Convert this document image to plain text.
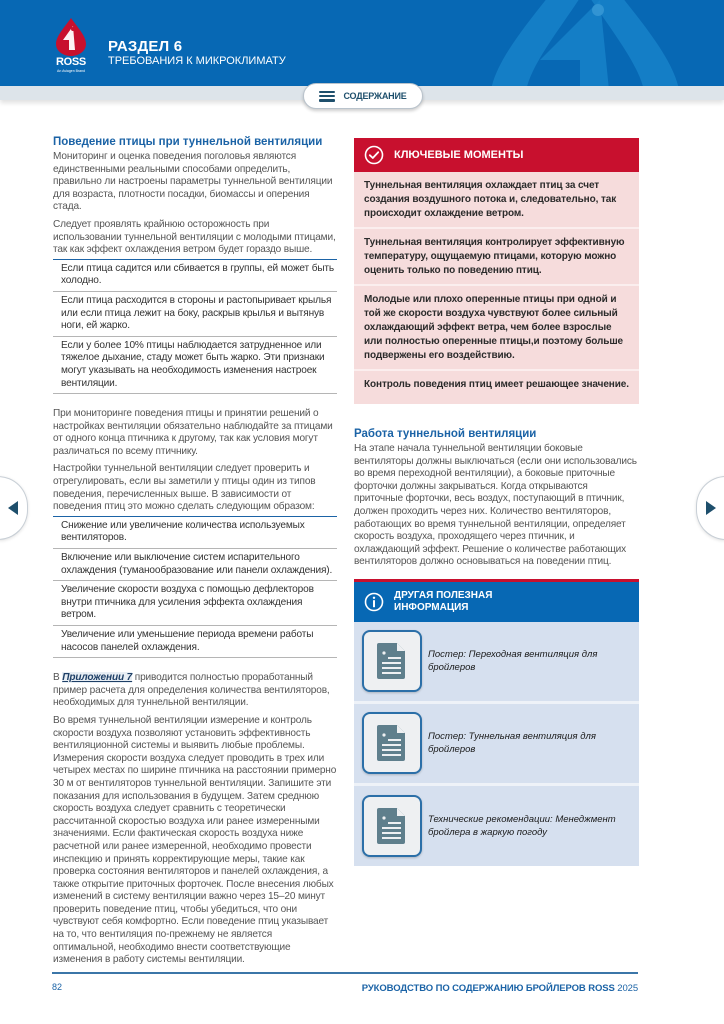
ROSS
An Aviagen Brand
РАЗДЕЛ 6
ТРЕБОВАНИЯ К МИКРОКЛИМАТУ
СОДЕРЖАНИЕ
Поведение птицы при туннельной вентиляции

Мониторинг и оценка поведения поголовья являются единственными реальными способами определить, правильно ли настроены параметры туннельной вентиляции для возраста, плотности посадки, биомассы и оперения стада.

Следует проявлять крайнюю осторожность при использовании туннельной вентиляции с молодыми птицами, так как эффект охлаждения ветром будет гораздо выше.

Если птица садится или сбивается в группы, ей может быть холодно.
Если птица расходится в стороны и растопыривает крылья или если птица лежит на боку, раскрыв крылья и вытянув ноги, ей жарко.
Если у более 10% птицы наблюдается затрудненное или тяжелое дыхание, стаду может быть жарко. Эти признаки могут указывать на необходимость изменения настроек вентиляции.

При мониторинге поведения птицы и принятии решений о настройках вентиляции обязательно наблюдайте за птицами от одного конца птичника к другому, так как условия могут различаться по всему птичнику.

Настройки туннельной вентиляции следует проверить и отрегулировать, если вы заметили у птицы один из типов поведения, перечисленных выше. В зависимости от поведения птиц это можно сделать следующим образом:

Снижение или увеличение количества используемых вентиляторов.
Включение или выключение систем испарительного охлаждения (туманообразование или панели охлаждения).
Увеличение скорости воздуха с помощью дефлекторов внутри птичника для усиления эффекта охлаждения ветром.
Увеличение или уменьшение периода времени работы насосов панелей охлаждения.

В Приложении 7 приводится полностью проработанный пример расчета для определения количества вентиляторов, необходимых для туннельной вентиляции.

Во время туннельной вентиляции измерение и контроль скорости воздуха позволяют установить эффективность вентиляционной системы и выявить любые проблемы. Измерения скорости воздуха следует проводить в трех или четырех местах по ширине птичника на расстоянии примерно 30 м от вентиляторов туннельной вентиляции. Запишите эти показания для использования в будущем. Затем среднюю скорость воздуха следует сравнить с теоретически рассчитанной скоростью воздуха или ранее измеренными значениями. Если фактическая скорость воздуха ниже расчетной или ранее измеренной, необходимо провести инспекцию и принять корректирующие меры, такие как проверка состояния вентиляторов и панелей охлаждения, а также открытие приточных форточек. После внесения любых изменений в систему вентиляции важно через 15–20 минут проверить поведение птиц, чтобы убедиться, что они чувствуют себя комфортно. Если поведение птиц указывает на то, что вентиляция по-прежнему не является оптимальной, необходимо внести соответствующие изменения в работу системы вентиляции.

КЛЮЧЕВЫЕ МОМЕНТЫ
Туннельная вентиляция охлаждает птиц за счет создания воздушного потока и, следовательно, так происходит охлаждение ветром.
Туннельная вентиляция контролирует эффективную температуру, ощущаемую птицами, которую можно оценить только по поведению птиц.
Молодые или плохо оперенные птицы при одной и той же скорости воздуха чувствуют более сильный охлаждающий эффект ветра, чем более взрослые или полностью оперенные птицы,и поэтому больше подвержены его воздействию.
Контроль поведения птиц имеет решающее значение.
Работа туннельной вентиляции

На этапе начала туннельной вентиляции боковые вентиляторы должны выключаться (если они использовались во время переходной вентиляции), а боковые приточные форточки должны закрываться. Когда открываются приточные форточки, весь воздух, поступающий в птичник, должен проходить через них. Количество вентиляторов, работающих во время туннельной вентиляции, определяет скорость воздуха, проходящего через птичник, и охлаждающий эффект. Решение о количестве работающих вентиляторов должно основываться на поведении птиц.

ДРУГАЯ ПОЛЕЗНАЯ
ИНФОРМАЦИЯ
Постер: Переходная вентиляция для бройлеров
Постер: Туннельная вентиляция для бройлеров
Технические рекомендации: Менеджмент бройлера в жаркую погоду
82	РУКОВОДСТВО ПО СОДЕРЖАНИЮ БРОЙЛЕРОВ ROSS 2025
